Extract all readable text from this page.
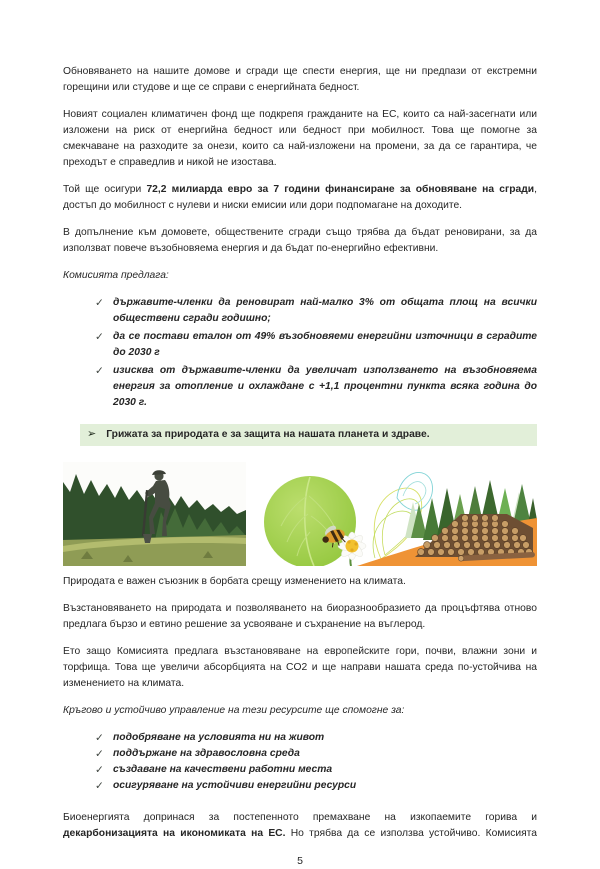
Обновяването на нашите домове и сгради ще спести енергия, ще ни предпази от екстремни горещини или студове и ще се справи с енергийната бедност.

Новият социален климатичен фонд ще подкрепя гражданите на ЕС, които са най-засегнати или изложени на риск от енергийна бедност или бедност при мобилност. Това ще помогне за смекчаване на разходите за онези, които са най-изложени на промени, за да се гарантира, че преходът е справедлив и никой не изостава.

Той ще осигури 72,2 милиарда евро за 7 години финансиране за обновяване на сгради, достъп до мобилност с нулеви и ниски емисии или дори подпомагане на доходите.

В допълнение към домовете, обществените сгради също трябва да бъдат реновирани, за да използват повече възобновяема енергия и да бъдат по-енергийно ефективни.

Комисията предлага:

✓ държавите-членки да реновират най-малко 3% от общата площ на всички обществени сгради годишно;
✓ да се постави еталон от 49% възобновяеми енергийни източници в сградите до 2030 г
✓ изисква от държавите-членки да увеличат използването на възобновяема енергия за отопление и охлаждане с +1,1 процентни пункта всяка година до 2030 г.
➢ Грижата за природата е за защита на нашата планета и здраве.

Природата е важен съюзник в борбата срещу изменението на климата.

Възстановяването на природата и позволяването на биоразнообразието да процъфтява отново предлага бързо и евтино решение за усвояване и съхранение на въглерод.

Ето защо Комисията предлага възстановяване на европейските гори, почви, влажни зони и торфища. Това ще увеличи абсорбцията на CO2 и ще направи нашата среда по-устойчива на изменението на климата.

Кръгово и устойчиво управление на тези ресурсите ще спомогне за:

✓ подобряване на условията ни на живот
✓ поддържане на здравословна среда
✓ създаване на качествени работни места
✓ осигуряване на устойчиви енергийни ресурси

Биоенергията допринася за постепенното премахване на изкопаемите горива и декарбонизацията на икономиката на ЕС. Но трябва да се използва устойчиво. Комисията

5
